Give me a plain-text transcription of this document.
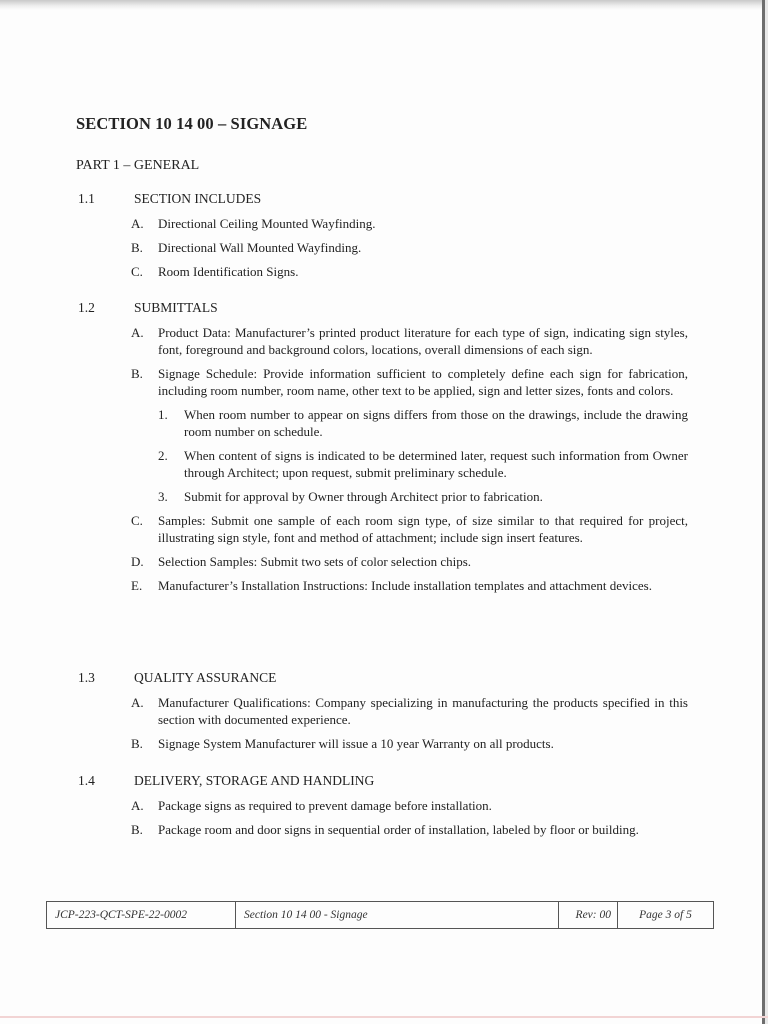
SECTION 10 14 00 – SIGNAGE
PART 1 – GENERAL
1.1	SECTION INCLUDES
A.	Directional Ceiling Mounted Wayfinding.
B.	Directional Wall Mounted Wayfinding.
C.	Room Identification Signs.
1.2	SUBMITTALS
A.	Product Data: Manufacturer’s printed product literature for each type of sign, indicating sign styles, font, foreground and background colors, locations, overall dimensions of each sign.
B.	Signage Schedule: Provide information sufficient to completely define each sign for fabrication, including room number, room name, other text to be applied, sign and letter sizes, fonts and colors.
1.	When room number to appear on signs differs from those on the drawings, include the drawing room number on schedule.
2.	When content of signs is indicated to be determined later, request such information from Owner through Architect; upon request, submit preliminary schedule.
3.	Submit for approval by Owner through Architect prior to fabrication.
C.	Samples: Submit one sample of each room sign type, of size similar to that required for project, illustrating sign style, font and method of attachment; include sign insert features.
D.	Selection Samples: Submit two sets of color selection chips.
E.	Manufacturer’s Installation Instructions: Include installation templates and attachment devices.
1.3	QUALITY ASSURANCE
A.	Manufacturer Qualifications: Company specializing in manufacturing the products specified in this section with documented experience.
B.	Signage System Manufacturer will issue a 10 year Warranty on all products.
1.4	DELIVERY, STORAGE AND HANDLING
A.	Package signs as required to prevent damage before installation.
B.	Package room and door signs in sequential order of installation, labeled by floor or building.
JCP-223-QCT-SPE-22-0002	Section 10 14 00 - Signage	Rev: 00	Page 3 of 5
